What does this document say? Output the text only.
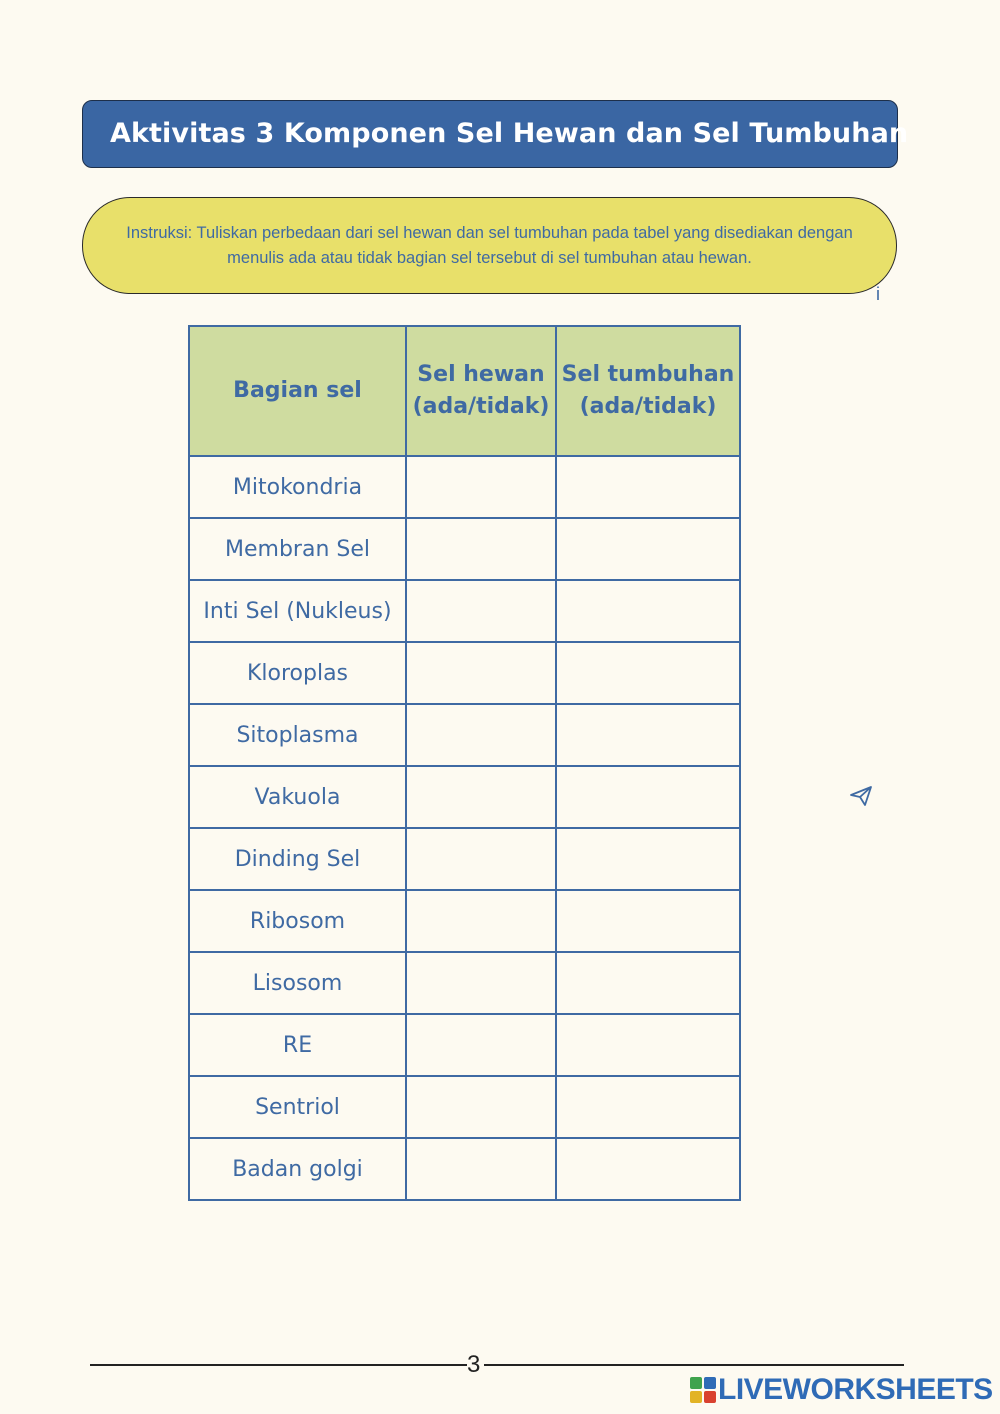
Aktivitas 3 Komponen Sel Hewan dan Sel Tumbuhan
Instruksi: Tuliskan perbedaan dari sel hewan dan sel tumbuhan pada tabel yang disediakan dengan menulis ada atau tidak bagian sel tersebut di sel tumbuhan atau hewan.
i
Bagian sel	Sel hewan (ada/tidak)	Sel tumbuhan (ada/tidak)
Mitokondria		
Membran Sel		
Inti Sel (Nukleus)		
Kloroplas		
Sitoplasma		
Vakuola		
Dinding Sel		
Ribosom		
Lisosom		
RE		
Sentriol		
Badan golgi		
3
LIVEWORKSHEETS
